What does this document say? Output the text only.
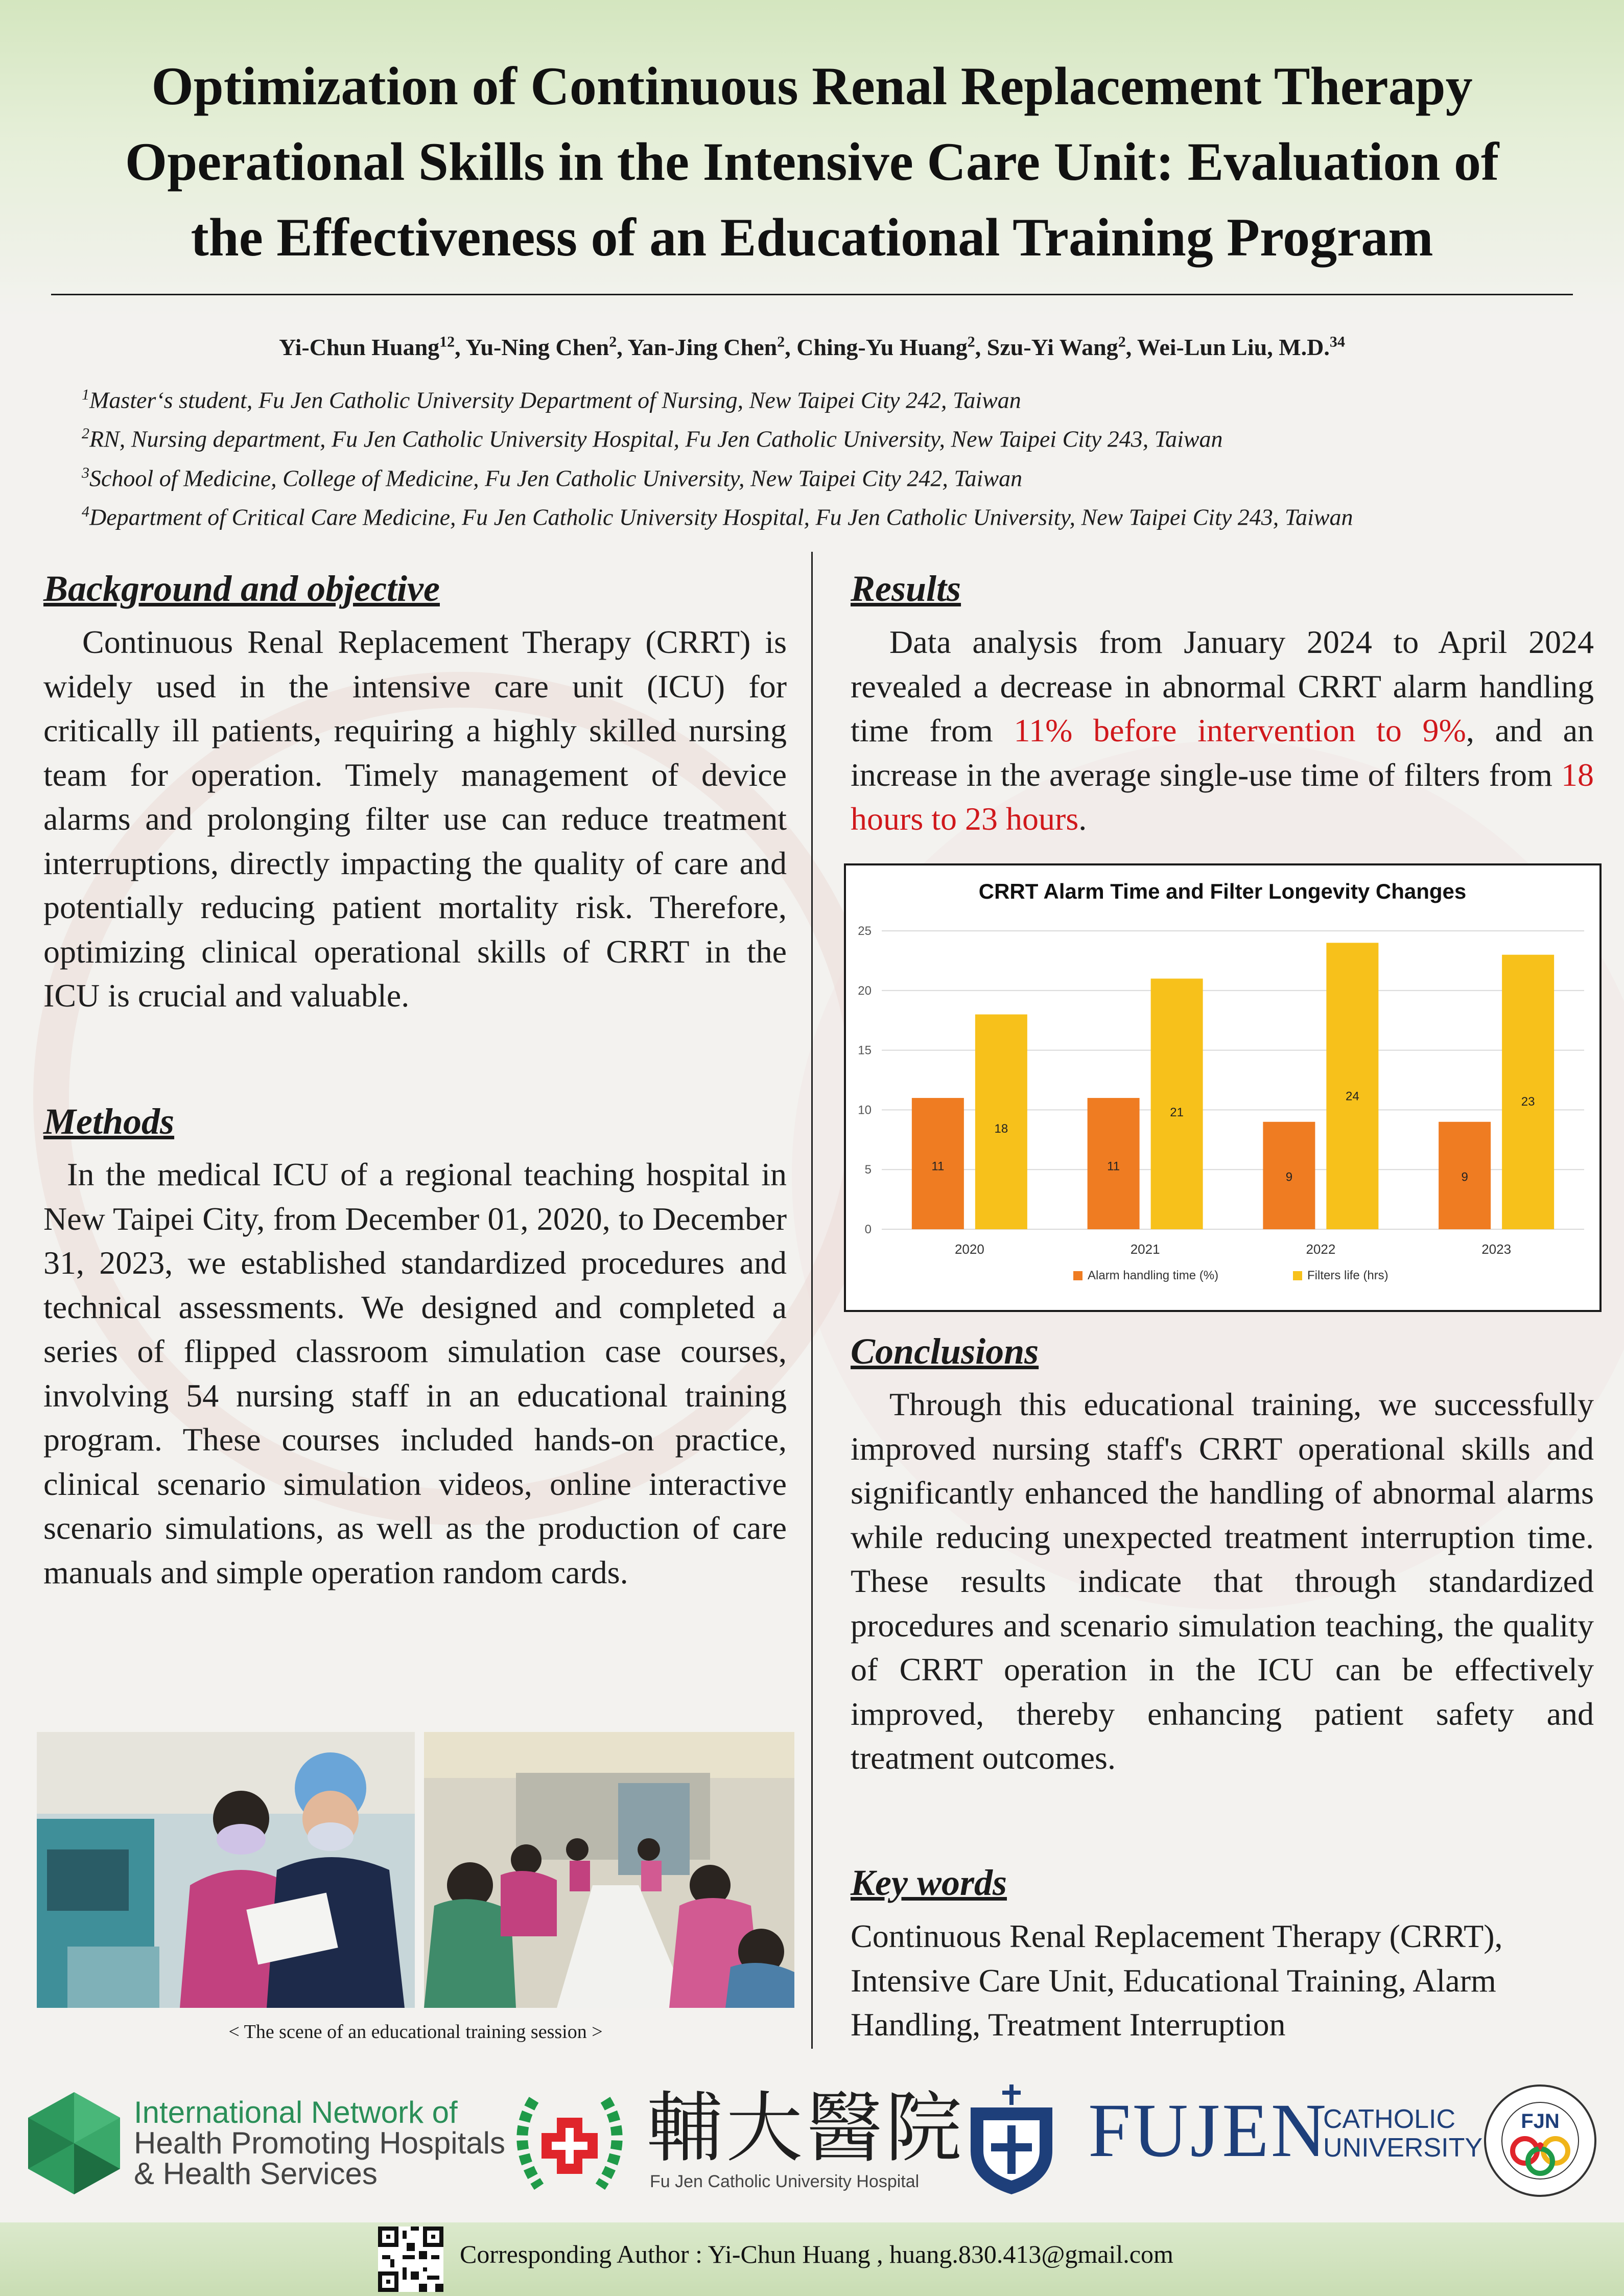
Optimization of Continuous Renal Replacement Therapy
Operational Skills in the Intensive Care Unit: Evaluation of
the Effectiveness of an Educational Training Program
Yi-Chun Huang$^{12}$, Yu-Ning Chen$^2$, Yan-Jing Chen$^2$, Ching-Yu Huang$^2$, Szu-Yi Wang$^2$, Wei-Lun Liu, M.D.$^{34}$
$^1$Master‘s student, Fu Jen Catholic University Department of Nursing, New Taipei City 242, Taiwan
$^2$RN, Nursing department, Fu Jen Catholic University Hospital, Fu Jen Catholic University, New Taipei City 243, Taiwan
$^3$School of Medicine, College of Medicine, Fu Jen Catholic University, New Taipei City 242, Taiwan
$^4$Department of Critical Care Medicine, Fu Jen Catholic University Hospital, Fu Jen Catholic University, New Taipei City 243, Taiwan
Background and objective
Continuous Renal Replacement Therapy (CRRT) is widely used in the intensive care unit (ICU) for critically ill patients, requiring a highly skilled nursing team for operation. Timely management of device alarms and prolonging filter use can reduce treatment interruptions, directly impacting the quality of care and potentially reducing patient mortality risk. Therefore, optimizing clinical operational skills of CRRT in the ICU is crucial and valuable.
Methods
In the medical ICU of a regional teaching hospital in New Taipei City, from December 01, 2020, to December 31, 2023, we established standardized procedures and technical assessments. We designed and completed a series of flipped classroom simulation case courses, involving 54 nursing staff in an educational training program. These courses included hands-on practice, clinical scenario simulation videos, online interactive scenario simulations, as well as the production of care manuals and simple operation random cards.
< The scene of an educational training session >
Results
Data analysis from January 2024 to April 2024 revealed a decrease in abnormal CRRT alarm handling time from 11% before intervention to 9%, and an increase in the average single-use time of filters from 18 hours to 23 hours.
CRRT Alarm Time and Filter Longevity Changes
0
5
10
15
20
25
11
18
2020
11
21
2021
9
24
2022
9
23
2023
Alarm handling time (%)	Filters life (hrs)
Conclusions
Through this educational training, we successfully improved nursing staff's CRRT operational skills and significantly enhanced the handling of abnormal alarms while reducing unexpected treatment interruption time. These results indicate that through standardized procedures and scenario simulation teaching, the quality of CRRT operation in the ICU can be effectively improved, thereby enhancing patient safety and treatment outcomes.
Key words
Continuous Renal Replacement Therapy (CRRT), Intensive Care Unit, Educational Training, Alarm Handling, Treatment Interruption
International Network of
Health Promoting Hospitals
& Health Services
輔大醫院
Fu Jen Catholic University Hospital
FUJEN
CATHOLIC
UNIVERSITY
FJN
Corresponding Author : Yi-Chun Huang , huang.830.413@gmail.com
